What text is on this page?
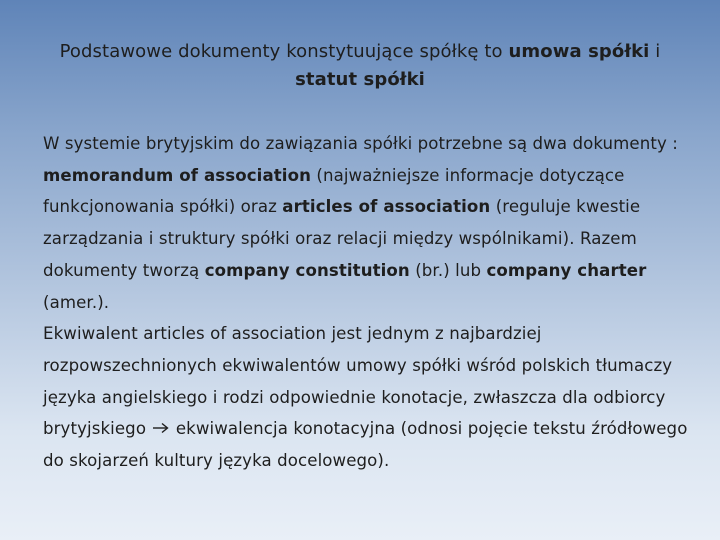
Podstawowe dokumenty konstytuujące spółkę to umowa spółki i statut spółki

W systemie brytyjskim do zawiązania spółki potrzebne są dwa dokumenty : memorandum of association (najważniejsze informacje dotyczące funkcjonowania spółki) oraz articles of association (reguluje kwestie zarządzania i struktury spółki oraz relacji między wspólnikami). Razem dokumenty tworzą company constitution (br.) lub company charter (amer.).

Ekwiwalent articles of association jest jednym z najbardziej rozpowszechnionych ekwiwalentów umowy spółki wśród polskich tłumaczy języka angielskiego i rodzi odpowiednie konotacje, zwłaszcza dla odbiorcy brytyjskiego  ekwiwalencja konotacyjna (odnosi pojęcie tekstu źródłowego do skojarzeń kultury języka docelowego).
